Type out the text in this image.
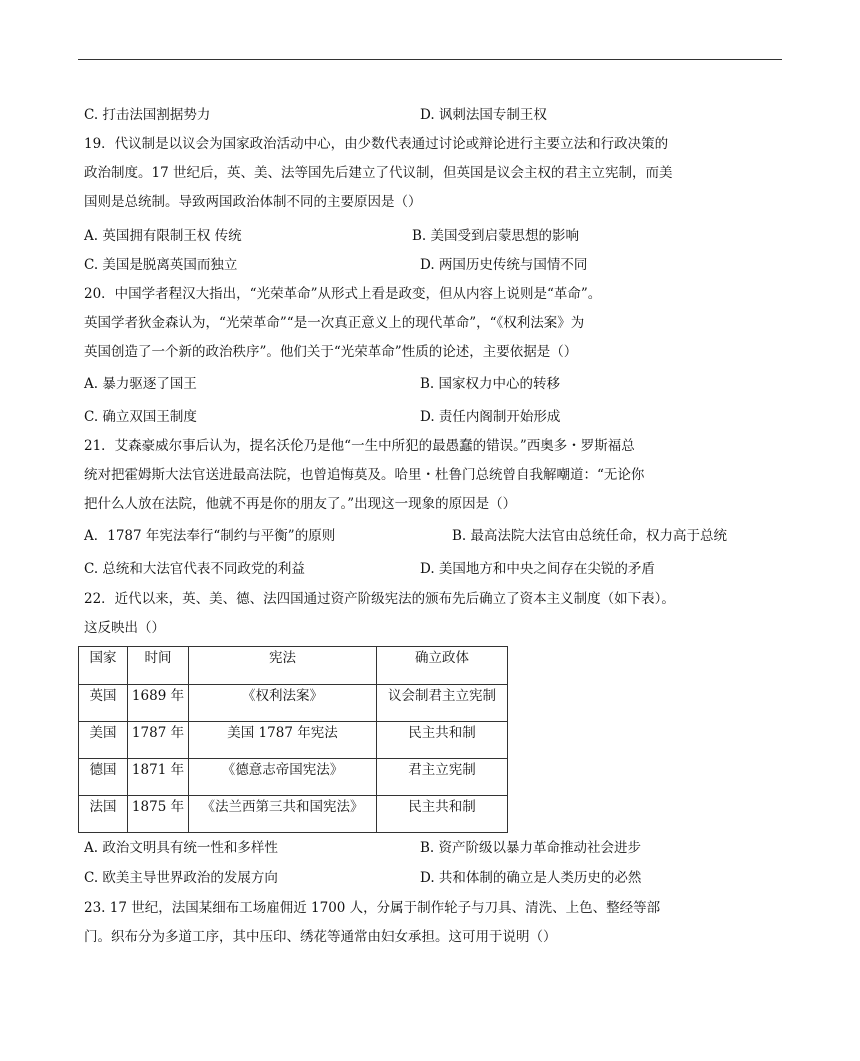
C. 打击法国割据势力	D. 讽刺法国专制王权
19．代议制是以议会为国家政治活动中心，由少数代表通过讨论或辩论进行主要立法和行政决策的
政治制度。17 世纪后，英、美、法等国先后建立了代议制，但英国是议会主权的君主立宪制，而美
国则是总统制。导致两国政治体制不同的主要原因是（）
A. 英国拥有限制王权 传统	B. 美国受到启蒙思想的影响
C. 美国是脱离英国而独立	D. 两国历史传统与国情不同
20．中国学者程汉大指出，“光荣革命”从形式上看是政变，但从内容上说则是“革命”。
英国学者狄金森认为，“光荣革命”“是一次真正意义上的现代革命”，“《权利法案》为
英国创造了一个新的政治秩序”。他们关于“光荣革命”性质的论述，主要依据是（）
A. 暴力驱逐了国王	B. 国家权力中心的转移
C. 确立双国王制度	D. 责任内阁制开始形成
21．艾森豪威尔事后认为，提名沃伦乃是他“一生中所犯的最愚蠢的错误。”西奥多・罗斯福总
统对把霍姆斯大法官送进最高法院，也曾追悔莫及。哈里・杜鲁门总统曾自我解嘲道：“无论你
把什么人放在法院，他就不再是你的朋友了。”出现这一现象的原因是（）
A．1787 年宪法奉行“制约与平衡”的原则	B. 最高法院大法官由总统任命，权力高于总统
C. 总统和大法官代表不同政党的利益	D. 美国地方和中央之间存在尖锐的矛盾
22．近代以来，英、美、德、法四国通过资产阶级宪法的颁布先后确立了资本主义制度（如下表）。
这反映出（）
国家	时间	宪法	确立政体
英国	1689 年	《权利法案》	议会制君主立宪制
美国	1787 年	美国 1787 年宪法	民主共和制
德国	1871 年	《德意志帝国宪法》	君主立宪制
法国	1875 年	《法兰西第三共和国宪法》	民主共和制
A. 政治文明具有统一性和多样性	B. 资产阶级以暴力革命推动社会进步
C. 欧美主导世界政治的发展方向	D. 共和体制的确立是人类历史的必然
23. 17 世纪，法国某细布工场雇佣近 1700 人，分属于制作轮子与刀具、清洗、上色、整经等部
门。织布分为多道工序，其中压印、绣花等通常由妇女承担。这可用于说明（）
